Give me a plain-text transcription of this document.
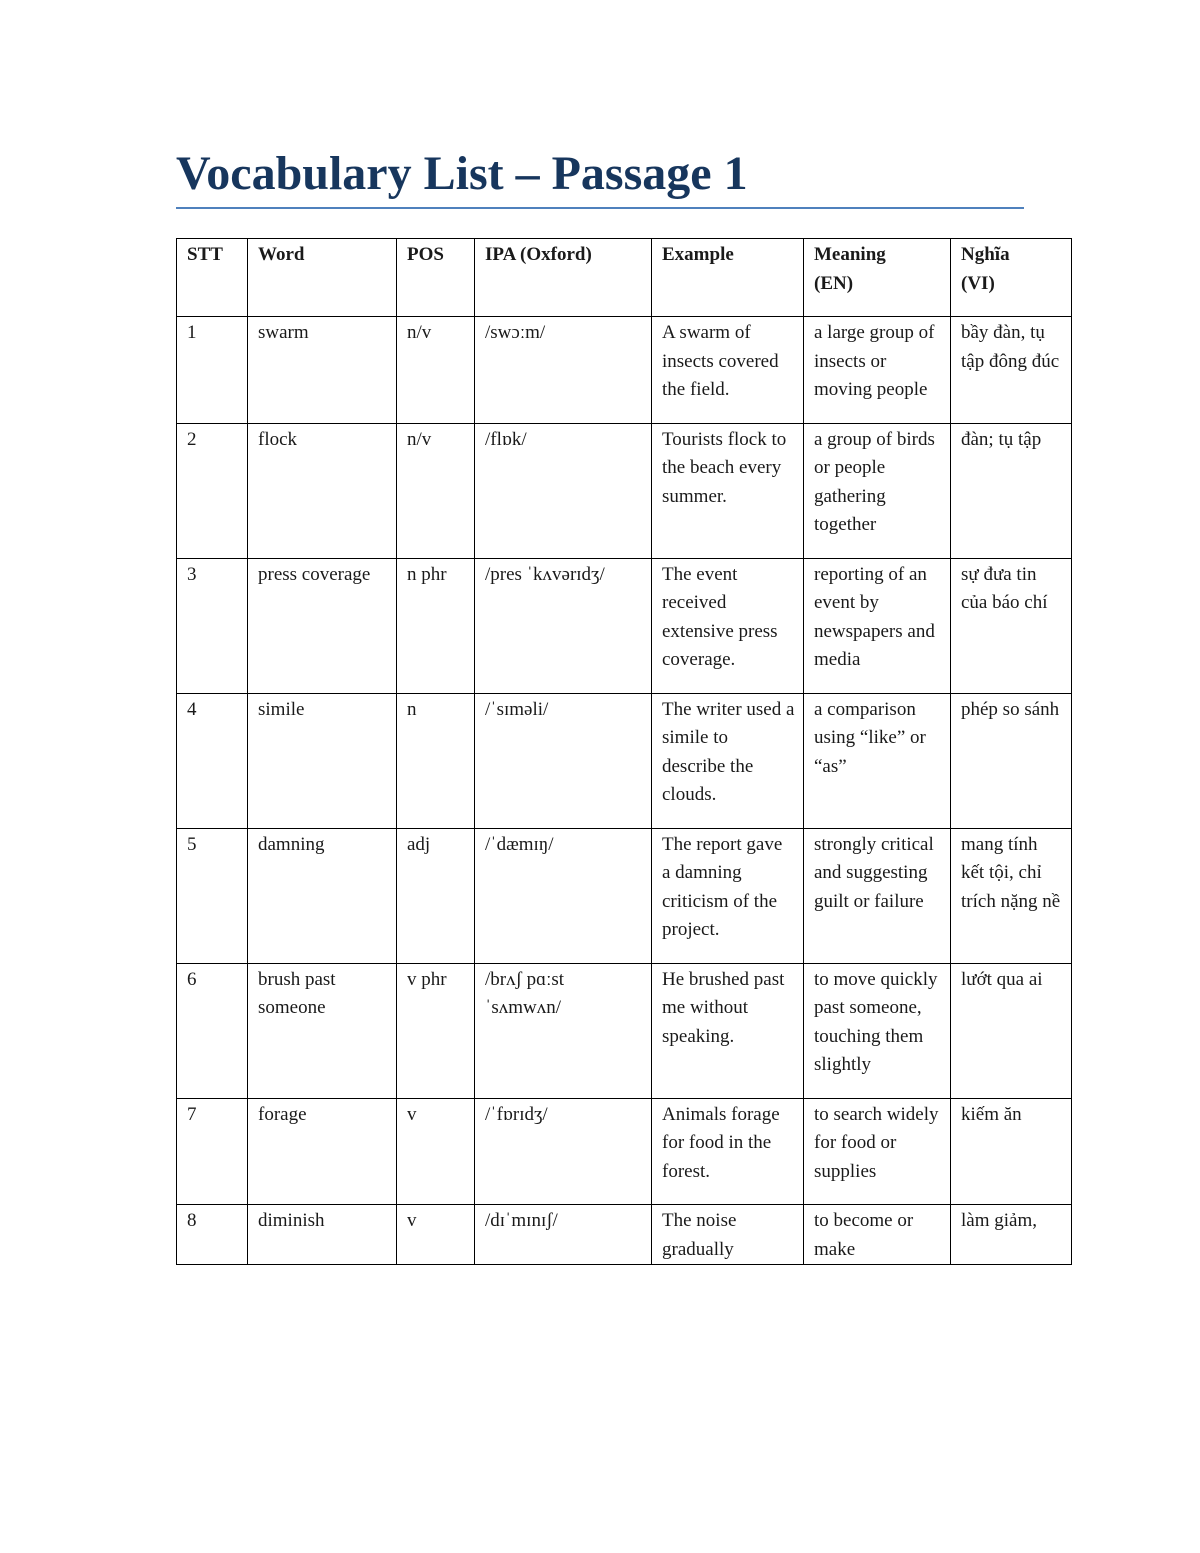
Vocabulary List – Passage 1
STT	Word	POS	IPA (Oxford)	Example	Meaning (EN)	Nghĩa (VI)
1	swarm	n/v	/swɔːm/	A swarm of insects covered the field.	a large group of insects or moving people	bầy đàn, tụ tập đông đúc
2	flock	n/v	/flɒk/	Tourists flock to the beach every summer.	a group of birds or people gathering together	đàn; tụ tập
3	press coverage	n phr	/pres ˈkʌvərɪdʒ/	The event received extensive press coverage.	reporting of an event by newspapers and media	sự đưa tin của báo chí
4	simile	n	/ˈsɪməli/	The writer used a simile to describe the clouds.	a comparison using “like” or “as”	phép so sánh
5	damning	adj	/ˈdæmɪŋ/	The report gave a damning criticism of the project.	strongly critical and suggesting guilt or failure	mang tính kết tội, chỉ trích nặng nề
6	brush past someone	v phr	/brʌʃ pɑːst ˈsʌmwʌn/	He brushed past me without speaking.	to move quickly past someone, touching them slightly	lướt qua ai
7	forage	v	/ˈfɒrɪdʒ/	Animals forage for food in the forest.	to search widely for food or supplies	kiếm ăn
8	diminish	v	/dɪˈmɪnɪʃ/	The noise gradually	to become or make	làm giảm,
